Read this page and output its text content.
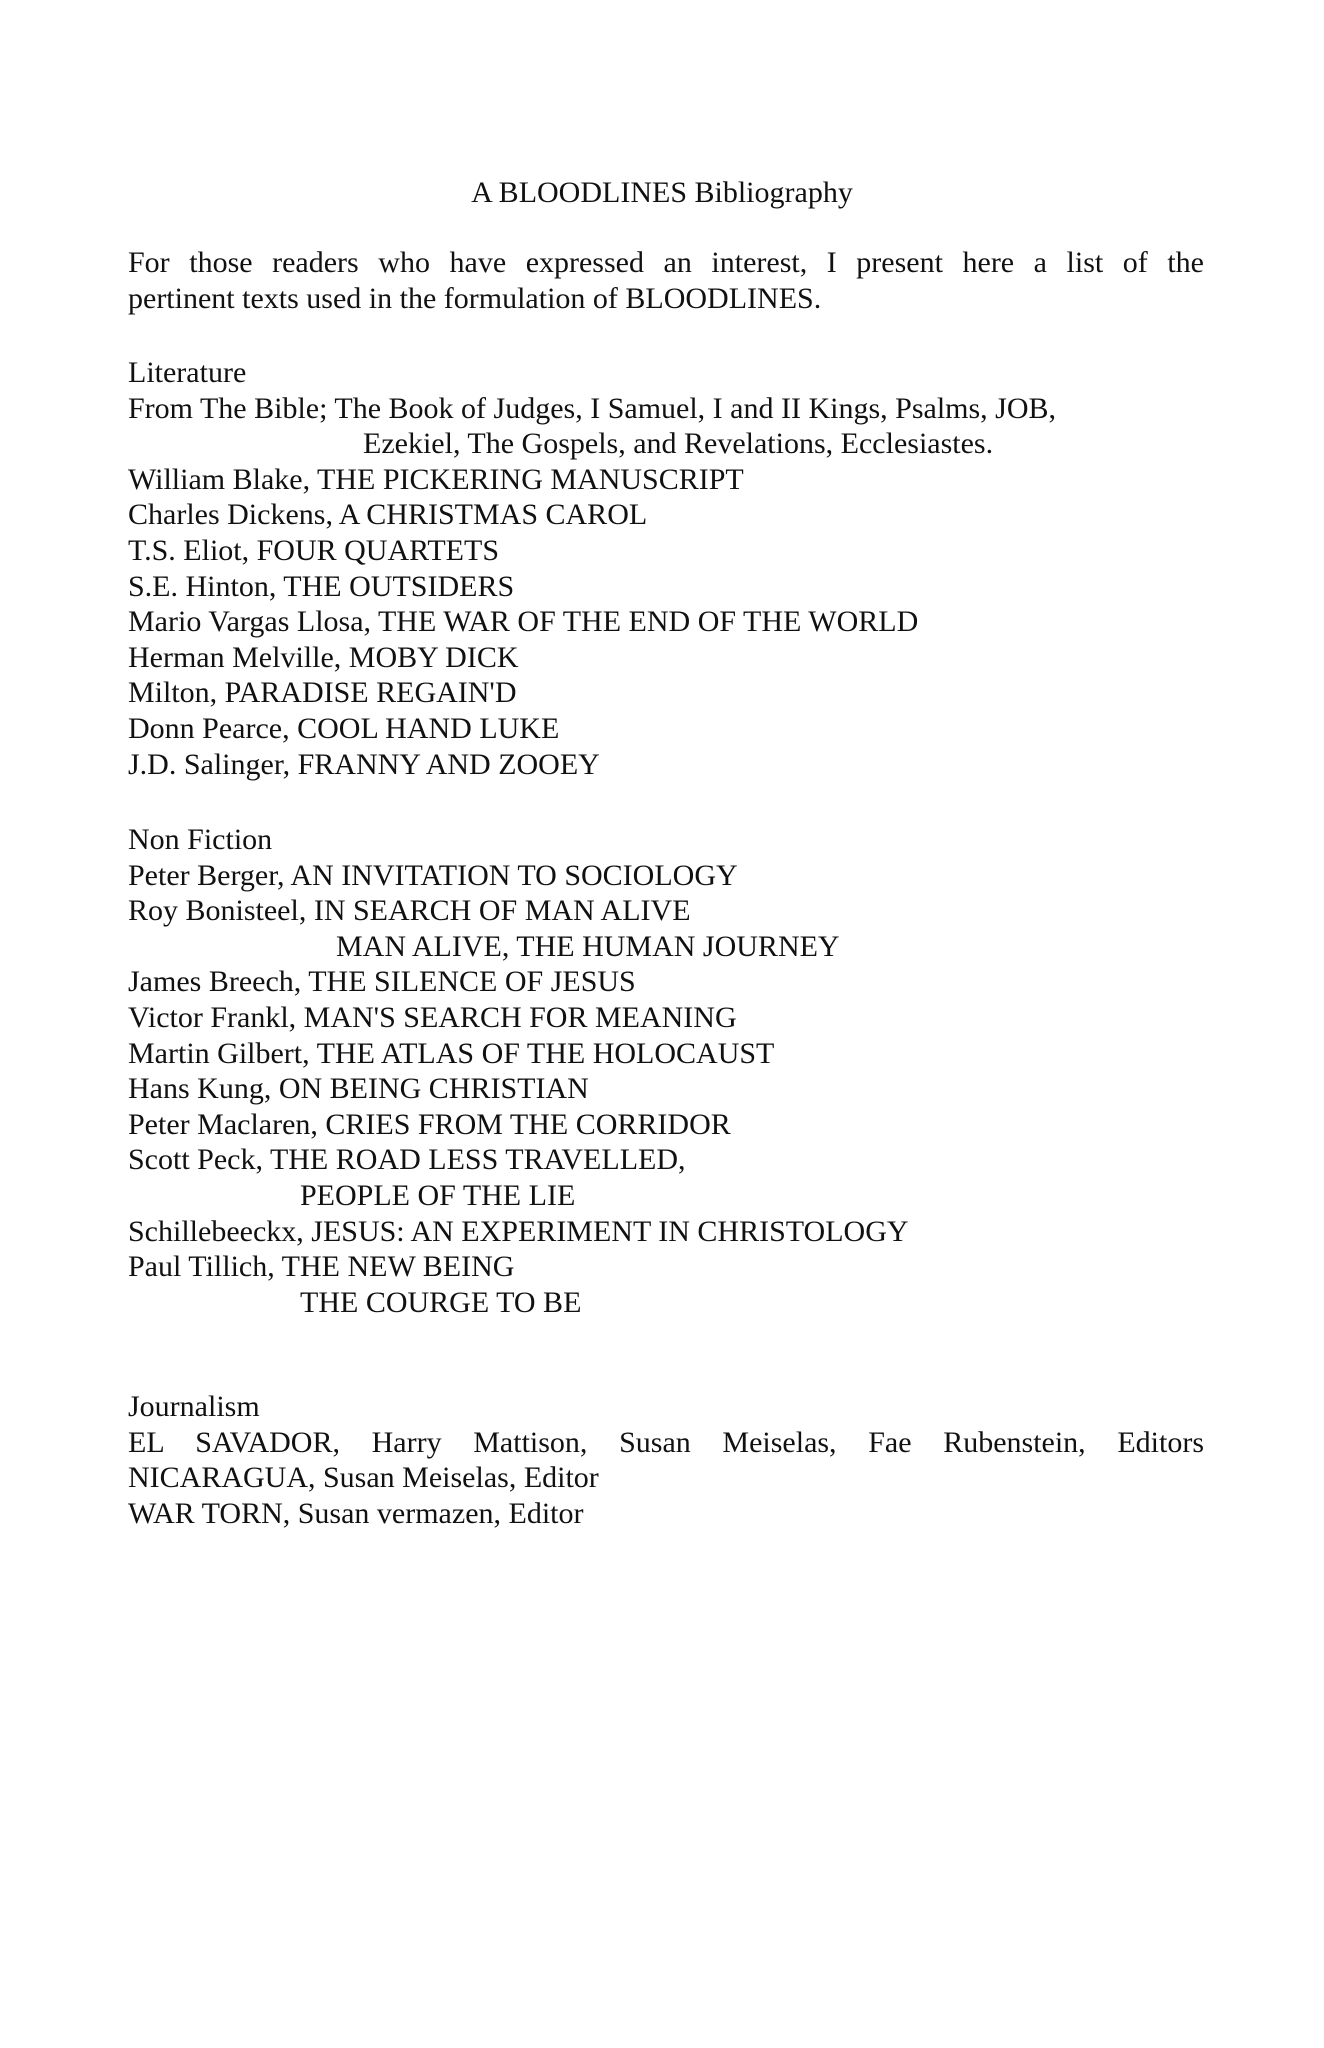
A BLOODLINES Bibliography
For those readers who have expressed an interest, I present here a list of the
pertinent texts used in the formulation of BLOODLINES.
Literature
From The Bible; The Book of Judges, I Samuel, I and II Kings, Psalms, JOB,
Ezekiel, The Gospels, and Revelations, Ecclesiastes.
William Blake, THE PICKERING MANUSCRIPT
Charles Dickens, A CHRISTMAS CAROL
T.S. Eliot, FOUR QUARTETS
S.E. Hinton, THE OUTSIDERS
Mario Vargas Llosa, THE WAR OF THE END OF THE WORLD
Herman Melville, MOBY DICK
Milton, PARADISE REGAIN'D
Donn Pearce, COOL HAND LUKE
J.D. Salinger, FRANNY AND ZOOEY
Non Fiction
Peter Berger, AN INVITATION TO SOCIOLOGY
Roy Bonisteel, IN SEARCH OF MAN ALIVE
MAN ALIVE, THE HUMAN JOURNEY
James Breech, THE SILENCE OF JESUS
Victor Frankl, MAN'S SEARCH FOR MEANING
Martin Gilbert, THE ATLAS OF THE HOLOCAUST
Hans Kung, ON BEING CHRISTIAN
Peter Maclaren, CRIES FROM THE CORRIDOR
Scott Peck, THE ROAD LESS TRAVELLED,
PEOPLE OF THE LIE
Schillebeeckx, JESUS: AN EXPERIMENT IN CHRISTOLOGY
Paul Tillich, THE NEW BEING
THE COURGE TO BE
Journalism
EL SAVADOR, Harry Mattison, Susan Meiselas, Fae Rubenstein, Editors
NICARAGUA, Susan Meiselas, Editor
WAR TORN, Susan vermazen, Editor
